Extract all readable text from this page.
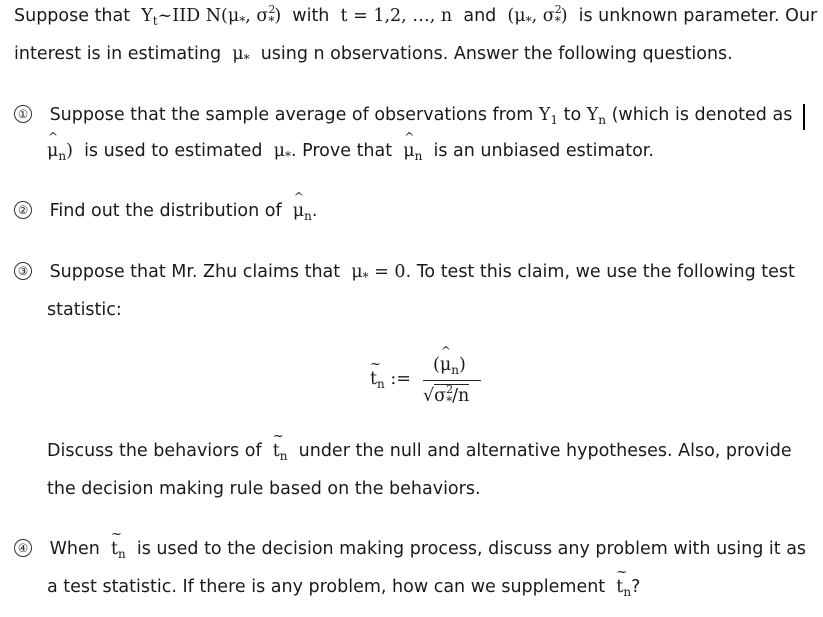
Suppose that  $Y_t\sim IID$ $N(\mu_*$, $\sigma^2_*$)  with  t = 1,2, …, n  and  ($\mu_*$, $\sigma^2_*$)  is unknown parameter. Our
interest is in estimating  $\mu_*$  using n observations. Answer the following questions.
① Suppose that the sample average of observations from $Y_1$ to $Y_n$ (which is denoted as
^ $\mu_n$)  is used to estimated  $\mu_*$. Prove that  ^ $\mu_n$  is an unbiased estimator.
② Find out the distribution of  ^ $\mu_n$.
③ Suppose that Mr. Zhu claims that  $\mu_* = 0$. To test this claim, we use the following test
statistic:
~ $t_n$ :=
(^ $\mu_n$)
$√\sigma^2_*/n$
Discuss the behaviors of  ~ $t_n$  under the null and alternative hypotheses. Also, provide
the decision making rule based on the behaviors.
④ When  ~ $t_n$  is used to the decision making process, discuss any problem with using it as
a test statistic. If there is any problem, how can we supplement  ~ $t_n$?
